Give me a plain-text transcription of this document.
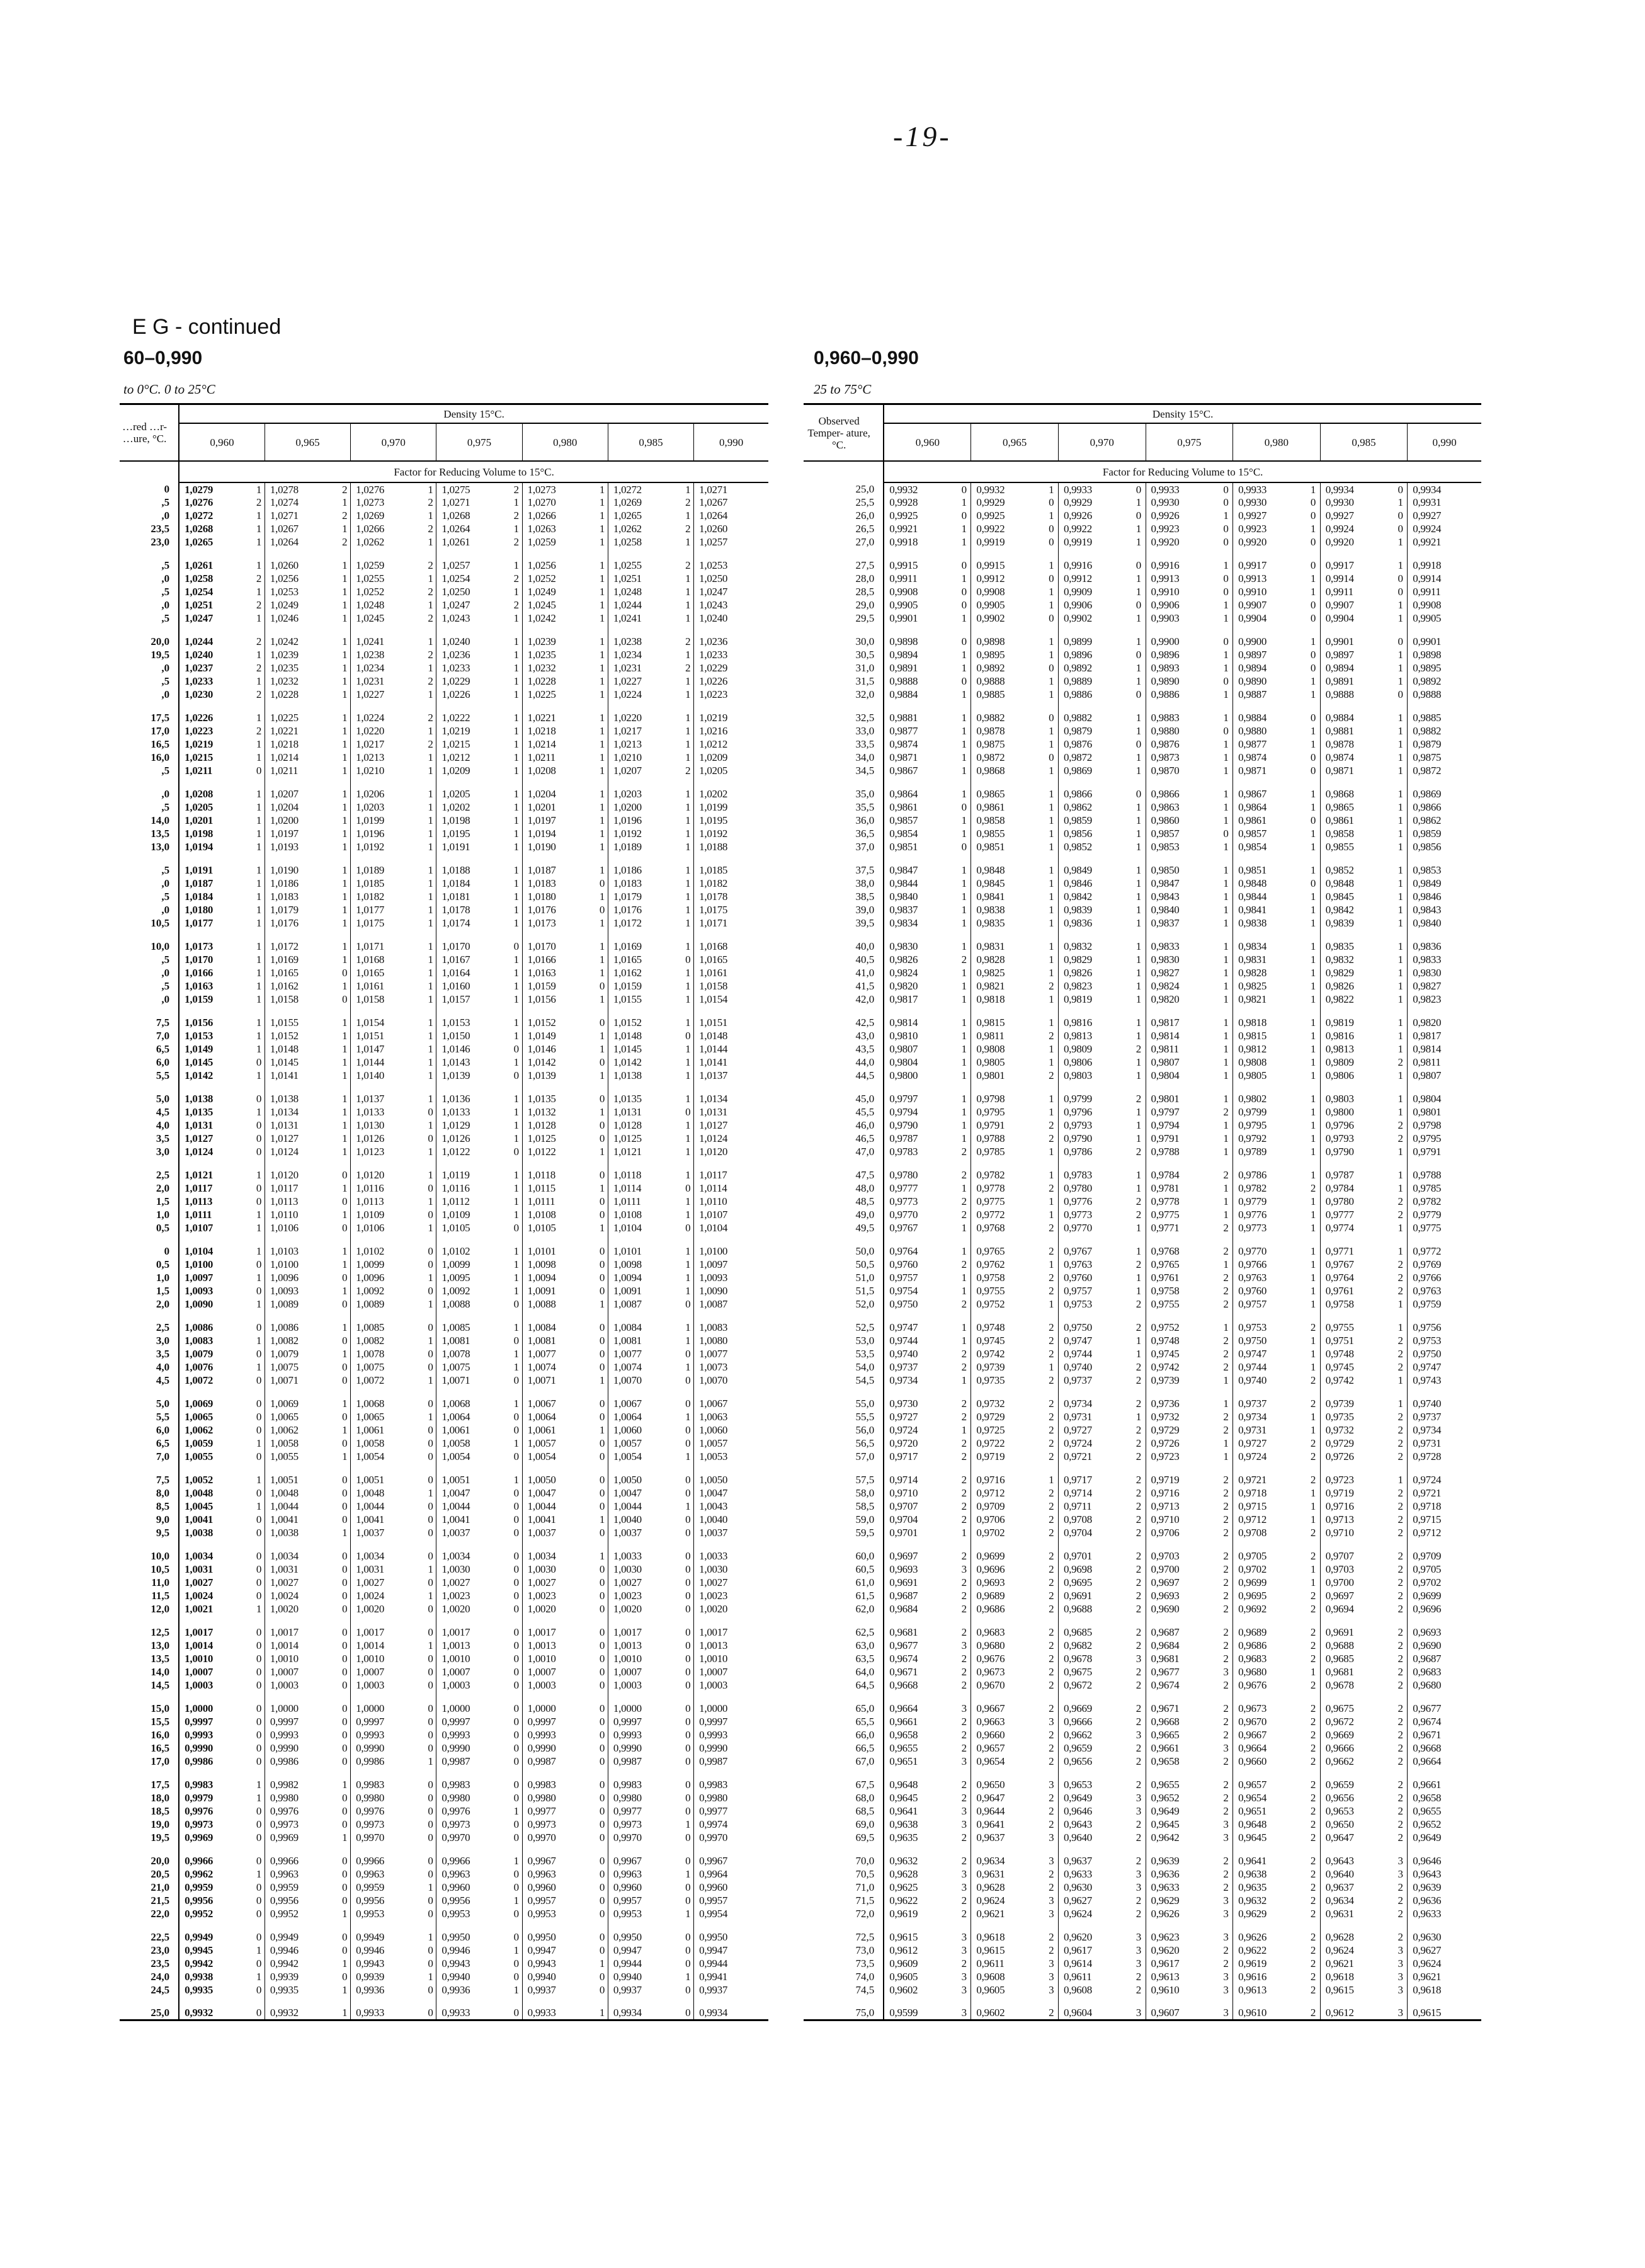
-19-
E G - continued
60–0,990
to 0°C. 0 to 25°C
0,960–0,990
25 to 75°C
…red …r- …ure, °C.	Density 15°C.												
	0,960		0,965		0,970		0,975		0,980		0,985		0,990
	Factor for Reducing Volume to 15°C.												
0	1,0279	1	1,0278	2	1,0276	1	1,0275	2	1,0273	1	1,0272	1	1,0271
,5	1,0276	2	1,0274	1	1,0273	2	1,0271	1	1,0270	1	1,0269	2	1,0267
,0	1,0272	1	1,0271	2	1,0269	1	1,0268	2	1,0266	1	1,0265	1	1,0264
23,5	1,0268	1	1,0267	1	1,0266	2	1,0264	1	1,0263	1	1,0262	2	1,0260
23,0	1,0265	1	1,0264	2	1,0262	1	1,0261	2	1,0259	1	1,0258	1	1,0257

,5	1,0261	1	1,0260	1	1,0259	2	1,0257	1	1,0256	1	1,0255	2	1,0253
,0	1,0258	2	1,0256	1	1,0255	1	1,0254	2	1,0252	1	1,0251	1	1,0250
,5	1,0254	1	1,0253	1	1,0252	2	1,0250	1	1,0249	1	1,0248	1	1,0247
,0	1,0251	2	1,0249	1	1,0248	1	1,0247	2	1,0245	1	1,0244	1	1,0243
,5	1,0247	1	1,0246	1	1,0245	2	1,0243	1	1,0242	1	1,0241	1	1,0240

20,0	1,0244	2	1,0242	1	1,0241	1	1,0240	1	1,0239	1	1,0238	2	1,0236
19,5	1,0240	1	1,0239	1	1,0238	2	1,0236	1	1,0235	1	1,0234	1	1,0233
,0	1,0237	2	1,0235	1	1,0234	1	1,0233	1	1,0232	1	1,0231	2	1,0229
,5	1,0233	1	1,0232	1	1,0231	2	1,0229	1	1,0228	1	1,0227	1	1,0226
,0	1,0230	2	1,0228	1	1,0227	1	1,0226	1	1,0225	1	1,0224	1	1,0223

17,5	1,0226	1	1,0225	1	1,0224	2	1,0222	1	1,0221	1	1,0220	1	1,0219
17,0	1,0223	2	1,0221	1	1,0220	1	1,0219	1	1,0218	1	1,0217	1	1,0216
16,5	1,0219	1	1,0218	1	1,0217	2	1,0215	1	1,0214	1	1,0213	1	1,0212
16,0	1,0215	1	1,0214	1	1,0213	1	1,0212	1	1,0211	1	1,0210	1	1,0209
,5	1,0211	0	1,0211	1	1,0210	1	1,0209	1	1,0208	1	1,0207	2	1,0205

,0	1,0208	1	1,0207	1	1,0206	1	1,0205	1	1,0204	1	1,0203	1	1,0202
,5	1,0205	1	1,0204	1	1,0203	1	1,0202	1	1,0201	1	1,0200	1	1,0199
14,0	1,0201	1	1,0200	1	1,0199	1	1,0198	1	1,0197	1	1,0196	1	1,0195
13,5	1,0198	1	1,0197	1	1,0196	1	1,0195	1	1,0194	1	1,0192	1	1,0192
13,0	1,0194	1	1,0193	1	1,0192	1	1,0191	1	1,0190	1	1,0189	1	1,0188

,5	1,0191	1	1,0190	1	1,0189	1	1,0188	1	1,0187	1	1,0186	1	1,0185
,0	1,0187	1	1,0186	1	1,0185	1	1,0184	1	1,0183	0	1,0183	1	1,0182
,5	1,0184	1	1,0183	1	1,0182	1	1,0181	1	1,0180	1	1,0179	1	1,0178
,0	1,0180	1	1,0179	1	1,0177	1	1,0178	1	1,0176	0	1,0176	1	1,0175
10,5	1,0177	1	1,0176	1	1,0175	1	1,0174	1	1,0173	1	1,0172	1	1,0171

10,0	1,0173	1	1,0172	1	1,0171	1	1,0170	0	1,0170	1	1,0169	1	1,0168
,5	1,0170	1	1,0169	1	1,0168	1	1,0167	1	1,0166	1	1,0165	0	1,0165
,0	1,0166	1	1,0165	0	1,0165	1	1,0164	1	1,0163	1	1,0162	1	1,0161
,5	1,0163	1	1,0162	1	1,0161	1	1,0160	1	1,0159	0	1,0159	1	1,0158
,0	1,0159	1	1,0158	0	1,0158	1	1,0157	1	1,0156	1	1,0155	1	1,0154

7,5	1,0156	1	1,0155	1	1,0154	1	1,0153	1	1,0152	0	1,0152	1	1,0151
7,0	1,0153	1	1,0152	1	1,0151	1	1,0150	1	1,0149	1	1,0148	0	1,0148
6,5	1,0149	1	1,0148	1	1,0147	1	1,0146	0	1,0146	1	1,0145	1	1,0144
6,0	1,0145	0	1,0145	1	1,0144	1	1,0143	1	1,0142	0	1,0142	1	1,0141
5,5	1,0142	1	1,0141	1	1,0140	1	1,0139	0	1,0139	1	1,0138	1	1,0137

5,0	1,0138	0	1,0138	1	1,0137	1	1,0136	1	1,0135	0	1,0135	1	1,0134
4,5	1,0135	1	1,0134	1	1,0133	0	1,0133	1	1,0132	1	1,0131	0	1,0131
4,0	1,0131	0	1,0131	1	1,0130	1	1,0129	1	1,0128	0	1,0128	1	1,0127
3,5	1,0127	0	1,0127	1	1,0126	0	1,0126	1	1,0125	0	1,0125	1	1,0124
3,0	1,0124	0	1,0124	1	1,0123	1	1,0122	0	1,0122	1	1,0121	1	1,0120

2,5	1,0121	1	1,0120	0	1,0120	1	1,0119	1	1,0118	0	1,0118	1	1,0117
2,0	1,0117	0	1,0117	1	1,0116	0	1,0116	1	1,0115	1	1,0114	0	1,0114
1,5	1,0113	0	1,0113	0	1,0113	1	1,0112	1	1,0111	0	1,0111	1	1,0110
1,0	1,0111	1	1,0110	1	1,0109	0	1,0109	1	1,0108	0	1,0108	1	1,0107
0,5	1,0107	1	1,0106	0	1,0106	1	1,0105	0	1,0105	1	1,0104	0	1,0104

0	1,0104	1	1,0103	1	1,0102	0	1,0102	1	1,0101	0	1,0101	1	1,0100
0,5	1,0100	0	1,0100	1	1,0099	0	1,0099	1	1,0098	0	1,0098	1	1,0097
1,0	1,0097	1	1,0096	0	1,0096	1	1,0095	1	1,0094	0	1,0094	1	1,0093
1,5	1,0093	0	1,0093	1	1,0092	0	1,0092	1	1,0091	0	1,0091	1	1,0090
2,0	1,0090	1	1,0089	0	1,0089	1	1,0088	0	1,0088	1	1,0087	0	1,0087

2,5	1,0086	0	1,0086	1	1,0085	0	1,0085	1	1,0084	0	1,0084	1	1,0083
3,0	1,0083	1	1,0082	0	1,0082	1	1,0081	0	1,0081	0	1,0081	1	1,0080
3,5	1,0079	0	1,0079	1	1,0078	0	1,0078	1	1,0077	0	1,0077	0	1,0077
4,0	1,0076	1	1,0075	0	1,0075	0	1,0075	1	1,0074	0	1,0074	1	1,0073
4,5	1,0072	0	1,0071	0	1,0072	1	1,0071	0	1,0071	1	1,0070	0	1,0070

5,0	1,0069	0	1,0069	1	1,0068	0	1,0068	1	1,0067	0	1,0067	0	1,0067
5,5	1,0065	0	1,0065	0	1,0065	1	1,0064	0	1,0064	0	1,0064	1	1,0063
6,0	1,0062	0	1,0062	1	1,0061	0	1,0061	0	1,0061	1	1,0060	0	1,0060
6,5	1,0059	1	1,0058	0	1,0058	0	1,0058	1	1,0057	0	1,0057	0	1,0057
7,0	1,0055	0	1,0055	1	1,0054	0	1,0054	0	1,0054	0	1,0054	1	1,0053

7,5	1,0052	1	1,0051	0	1,0051	0	1,0051	1	1,0050	0	1,0050	0	1,0050
8,0	1,0048	0	1,0048	0	1,0048	1	1,0047	0	1,0047	0	1,0047	0	1,0047
8,5	1,0045	1	1,0044	0	1,0044	0	1,0044	0	1,0044	0	1,0044	1	1,0043
9,0	1,0041	0	1,0041	0	1,0041	0	1,0041	0	1,0041	1	1,0040	0	1,0040
9,5	1,0038	0	1,0038	1	1,0037	0	1,0037	0	1,0037	0	1,0037	0	1,0037

10,0	1,0034	0	1,0034	0	1,0034	0	1,0034	0	1,0034	1	1,0033	0	1,0033
10,5	1,0031	0	1,0031	0	1,0031	1	1,0030	0	1,0030	0	1,0030	0	1,0030
11,0	1,0027	0	1,0027	0	1,0027	0	1,0027	0	1,0027	0	1,0027	0	1,0027
11,5	1,0024	0	1,0024	0	1,0024	1	1,0023	0	1,0023	0	1,0023	0	1,0023
12,0	1,0021	1	1,0020	0	1,0020	0	1,0020	0	1,0020	0	1,0020	0	1,0020

12,5	1,0017	0	1,0017	0	1,0017	0	1,0017	0	1,0017	0	1,0017	0	1,0017
13,0	1,0014	0	1,0014	0	1,0014	1	1,0013	0	1,0013	0	1,0013	0	1,0013
13,5	1,0010	0	1,0010	0	1,0010	0	1,0010	0	1,0010	0	1,0010	0	1,0010
14,0	1,0007	0	1,0007	0	1,0007	0	1,0007	0	1,0007	0	1,0007	0	1,0007
14,5	1,0003	0	1,0003	0	1,0003	0	1,0003	0	1,0003	0	1,0003	0	1,0003

15,0	1,0000	0	1,0000	0	1,0000	0	1,0000	0	1,0000	0	1,0000	0	1,0000
15,5	0,9997	0	0,9997	0	0,9997	0	0,9997	0	0,9997	0	0,9997	0	0,9997
16,0	0,9993	0	0,9993	0	0,9993	0	0,9993	0	0,9993	0	0,9993	0	0,9993
16,5	0,9990	0	0,9990	0	0,9990	0	0,9990	0	0,9990	0	0,9990	0	0,9990
17,0	0,9986	0	0,9986	0	0,9986	1	0,9987	0	0,9987	0	0,9987	0	0,9987

17,5	0,9983	1	0,9982	1	0,9983	0	0,9983	0	0,9983	0	0,9983	0	0,9983
18,0	0,9979	1	0,9980	0	0,9980	0	0,9980	0	0,9980	0	0,9980	0	0,9980
18,5	0,9976	0	0,9976	0	0,9976	0	0,9976	1	0,9977	0	0,9977	0	0,9977
19,0	0,9973	0	0,9973	0	0,9973	0	0,9973	0	0,9973	0	0,9973	1	0,9974
19,5	0,9969	0	0,9969	1	0,9970	0	0,9970	0	0,9970	0	0,9970	0	0,9970

20,0	0,9966	0	0,9966	0	0,9966	0	0,9966	1	0,9967	0	0,9967	0	0,9967
20,5	0,9962	1	0,9963	0	0,9963	0	0,9963	0	0,9963	0	0,9963	1	0,9964
21,0	0,9959	0	0,9959	0	0,9959	1	0,9960	0	0,9960	0	0,9960	0	0,9960
21,5	0,9956	0	0,9956	0	0,9956	0	0,9956	1	0,9957	0	0,9957	0	0,9957
22,0	0,9952	0	0,9952	1	0,9953	0	0,9953	0	0,9953	0	0,9953	1	0,9954

22,5	0,9949	0	0,9949	0	0,9949	1	0,9950	0	0,9950	0	0,9950	0	0,9950
23,0	0,9945	1	0,9946	0	0,9946	0	0,9946	1	0,9947	0	0,9947	0	0,9947
23,5	0,9942	0	0,9942	1	0,9943	0	0,9943	0	0,9943	1	0,9944	0	0,9944
24,0	0,9938	1	0,9939	0	0,9939	1	0,9940	0	0,9940	0	0,9940	1	0,9941
24,5	0,9935	0	0,9935	1	0,9936	0	0,9936	1	0,9937	0	0,9937	0	0,9937

25,0	0,9932	0	0,9932	1	0,9933	0	0,9933	0	0,9933	1	0,9934	0	0,9934
Observed Temper- ature, °C.	Density 15°C.												
	0,960		0,965		0,970		0,975		0,980		0,985		0,990
	Factor for Reducing Volume to 15°C.												
25,0	0,9932	0	0,9932	1	0,9933	0	0,9933	0	0,9933	1	0,9934	0	0,9934
25,5	0,9928	1	0,9929	0	0,9929	1	0,9930	0	0,9930	0	0,9930	1	0,9931
26,0	0,9925	0	0,9925	1	0,9926	0	0,9926	1	0,9927	0	0,9927	0	0,9927
26,5	0,9921	1	0,9922	0	0,9922	1	0,9923	0	0,9923	1	0,9924	0	0,9924
27,0	0,9918	1	0,9919	0	0,9919	1	0,9920	0	0,9920	0	0,9920	1	0,9921

27,5	0,9915	0	0,9915	1	0,9916	0	0,9916	1	0,9917	0	0,9917	1	0,9918
28,0	0,9911	1	0,9912	0	0,9912	1	0,9913	0	0,9913	1	0,9914	0	0,9914
28,5	0,9908	0	0,9908	1	0,9909	1	0,9910	0	0,9910	1	0,9911	0	0,9911
29,0	0,9905	0	0,9905	1	0,9906	0	0,9906	1	0,9907	0	0,9907	1	0,9908
29,5	0,9901	1	0,9902	0	0,9902	1	0,9903	1	0,9904	0	0,9904	1	0,9905

30,0	0,9898	0	0,9898	1	0,9899	1	0,9900	0	0,9900	1	0,9901	0	0,9901
30,5	0,9894	1	0,9895	1	0,9896	0	0,9896	1	0,9897	0	0,9897	1	0,9898
31,0	0,9891	1	0,9892	0	0,9892	1	0,9893	1	0,9894	0	0,9894	1	0,9895
31,5	0,9888	0	0,9888	1	0,9889	1	0,9890	0	0,9890	1	0,9891	1	0,9892
32,0	0,9884	1	0,9885	1	0,9886	0	0,9886	1	0,9887	1	0,9888	0	0,9888

32,5	0,9881	1	0,9882	0	0,9882	1	0,9883	1	0,9884	0	0,9884	1	0,9885
33,0	0,9877	1	0,9878	1	0,9879	1	0,9880	0	0,9880	1	0,9881	1	0,9882
33,5	0,9874	1	0,9875	1	0,9876	0	0,9876	1	0,9877	1	0,9878	1	0,9879
34,0	0,9871	1	0,9872	0	0,9872	1	0,9873	1	0,9874	0	0,9874	1	0,9875
34,5	0,9867	1	0,9868	1	0,9869	1	0,9870	1	0,9871	0	0,9871	1	0,9872

35,0	0,9864	1	0,9865	1	0,9866	0	0,9866	1	0,9867	1	0,9868	1	0,9869
35,5	0,9861	0	0,9861	1	0,9862	1	0,9863	1	0,9864	1	0,9865	1	0,9866
36,0	0,9857	1	0,9858	1	0,9859	1	0,9860	1	0,9861	0	0,9861	1	0,9862
36,5	0,9854	1	0,9855	1	0,9856	1	0,9857	0	0,9857	1	0,9858	1	0,9859
37,0	0,9851	0	0,9851	1	0,9852	1	0,9853	1	0,9854	1	0,9855	1	0,9856

37,5	0,9847	1	0,9848	1	0,9849	1	0,9850	1	0,9851	1	0,9852	1	0,9853
38,0	0,9844	1	0,9845	1	0,9846	1	0,9847	1	0,9848	0	0,9848	1	0,9849
38,5	0,9840	1	0,9841	1	0,9842	1	0,9843	1	0,9844	1	0,9845	1	0,9846
39,0	0,9837	1	0,9838	1	0,9839	1	0,9840	1	0,9841	1	0,9842	1	0,9843
39,5	0,9834	1	0,9835	1	0,9836	1	0,9837	1	0,9838	1	0,9839	1	0,9840

40,0	0,9830	1	0,9831	1	0,9832	1	0,9833	1	0,9834	1	0,9835	1	0,9836
40,5	0,9826	2	0,9828	1	0,9829	1	0,9830	1	0,9831	1	0,9832	1	0,9833
41,0	0,9824	1	0,9825	1	0,9826	1	0,9827	1	0,9828	1	0,9829	1	0,9830
41,5	0,9820	1	0,9821	2	0,9823	1	0,9824	1	0,9825	1	0,9826	1	0,9827
42,0	0,9817	1	0,9818	1	0,9819	1	0,9820	1	0,9821	1	0,9822	1	0,9823

42,5	0,9814	1	0,9815	1	0,9816	1	0,9817	1	0,9818	1	0,9819	1	0,9820
43,0	0,9810	1	0,9811	2	0,9813	1	0,9814	1	0,9815	1	0,9816	1	0,9817
43,5	0,9807	1	0,9808	1	0,9809	2	0,9811	1	0,9812	1	0,9813	1	0,9814
44,0	0,9804	1	0,9805	1	0,9806	1	0,9807	1	0,9808	1	0,9809	2	0,9811
44,5	0,9800	1	0,9801	2	0,9803	1	0,9804	1	0,9805	1	0,9806	1	0,9807

45,0	0,9797	1	0,9798	1	0,9799	2	0,9801	1	0,9802	1	0,9803	1	0,9804
45,5	0,9794	1	0,9795	1	0,9796	1	0,9797	2	0,9799	1	0,9800	1	0,9801
46,0	0,9790	1	0,9791	2	0,9793	1	0,9794	1	0,9795	1	0,9796	2	0,9798
46,5	0,9787	1	0,9788	2	0,9790	1	0,9791	1	0,9792	1	0,9793	2	0,9795
47,0	0,9783	2	0,9785	1	0,9786	2	0,9788	1	0,9789	1	0,9790	1	0,9791

47,5	0,9780	2	0,9782	1	0,9783	1	0,9784	2	0,9786	1	0,9787	1	0,9788
48,0	0,9777	1	0,9778	2	0,9780	1	0,9781	1	0,9782	2	0,9784	1	0,9785
48,5	0,9773	2	0,9775	1	0,9776	2	0,9778	1	0,9779	1	0,9780	2	0,9782
49,0	0,9770	2	0,9772	1	0,9773	2	0,9775	1	0,9776	1	0,9777	2	0,9779
49,5	0,9767	1	0,9768	2	0,9770	1	0,9771	2	0,9773	1	0,9774	1	0,9775

50,0	0,9764	1	0,9765	2	0,9767	1	0,9768	2	0,9770	1	0,9771	1	0,9772
50,5	0,9760	2	0,9762	1	0,9763	2	0,9765	1	0,9766	1	0,9767	2	0,9769
51,0	0,9757	1	0,9758	2	0,9760	1	0,9761	2	0,9763	1	0,9764	2	0,9766
51,5	0,9754	1	0,9755	2	0,9757	1	0,9758	2	0,9760	1	0,9761	2	0,9763
52,0	0,9750	2	0,9752	1	0,9753	2	0,9755	2	0,9757	1	0,9758	1	0,9759

52,5	0,9747	1	0,9748	2	0,9750	2	0,9752	1	0,9753	2	0,9755	1	0,9756
53,0	0,9744	1	0,9745	2	0,9747	1	0,9748	2	0,9750	1	0,9751	2	0,9753
53,5	0,9740	2	0,9742	2	0,9744	1	0,9745	2	0,9747	1	0,9748	2	0,9750
54,0	0,9737	2	0,9739	1	0,9740	2	0,9742	2	0,9744	1	0,9745	2	0,9747
54,5	0,9734	1	0,9735	2	0,9737	2	0,9739	1	0,9740	2	0,9742	1	0,9743

55,0	0,9730	2	0,9732	2	0,9734	2	0,9736	1	0,9737	2	0,9739	1	0,9740
55,5	0,9727	2	0,9729	2	0,9731	1	0,9732	2	0,9734	1	0,9735	2	0,9737
56,0	0,9724	1	0,9725	2	0,9727	2	0,9729	2	0,9731	1	0,9732	2	0,9734
56,5	0,9720	2	0,9722	2	0,9724	2	0,9726	1	0,9727	2	0,9729	2	0,9731
57,0	0,9717	2	0,9719	2	0,9721	2	0,9723	1	0,9724	2	0,9726	2	0,9728

57,5	0,9714	2	0,9716	1	0,9717	2	0,9719	2	0,9721	2	0,9723	1	0,9724
58,0	0,9710	2	0,9712	2	0,9714	2	0,9716	2	0,9718	1	0,9719	2	0,9721
58,5	0,9707	2	0,9709	2	0,9711	2	0,9713	2	0,9715	1	0,9716	2	0,9718
59,0	0,9704	2	0,9706	2	0,9708	2	0,9710	2	0,9712	1	0,9713	2	0,9715
59,5	0,9701	1	0,9702	2	0,9704	2	0,9706	2	0,9708	2	0,9710	2	0,9712

60,0	0,9697	2	0,9699	2	0,9701	2	0,9703	2	0,9705	2	0,9707	2	0,9709
60,5	0,9693	3	0,9696	2	0,9698	2	0,9700	2	0,9702	1	0,9703	2	0,9705
61,0	0,9691	2	0,9693	2	0,9695	2	0,9697	2	0,9699	1	0,9700	2	0,9702
61,5	0,9687	2	0,9689	2	0,9691	2	0,9693	2	0,9695	2	0,9697	2	0,9699
62,0	0,9684	2	0,9686	2	0,9688	2	0,9690	2	0,9692	2	0,9694	2	0,9696

62,5	0,9681	2	0,9683	2	0,9685	2	0,9687	2	0,9689	2	0,9691	2	0,9693
63,0	0,9677	3	0,9680	2	0,9682	2	0,9684	2	0,9686	2	0,9688	2	0,9690
63,5	0,9674	2	0,9676	2	0,9678	3	0,9681	2	0,9683	2	0,9685	2	0,9687
64,0	0,9671	2	0,9673	2	0,9675	2	0,9677	3	0,9680	1	0,9681	2	0,9683
64,5	0,9668	2	0,9670	2	0,9672	2	0,9674	2	0,9676	2	0,9678	2	0,9680

65,0	0,9664	3	0,9667	2	0,9669	2	0,9671	2	0,9673	2	0,9675	2	0,9677
65,5	0,9661	2	0,9663	3	0,9666	2	0,9668	2	0,9670	2	0,9672	2	0,9674
66,0	0,9658	2	0,9660	2	0,9662	3	0,9665	2	0,9667	2	0,9669	2	0,9671
66,5	0,9655	2	0,9657	2	0,9659	2	0,9661	3	0,9664	2	0,9666	2	0,9668
67,0	0,9651	3	0,9654	2	0,9656	2	0,9658	2	0,9660	2	0,9662	2	0,9664

67,5	0,9648	2	0,9650	3	0,9653	2	0,9655	2	0,9657	2	0,9659	2	0,9661
68,0	0,9645	2	0,9647	2	0,9649	3	0,9652	2	0,9654	2	0,9656	2	0,9658
68,5	0,9641	3	0,9644	2	0,9646	3	0,9649	2	0,9651	2	0,9653	2	0,9655
69,0	0,9638	3	0,9641	2	0,9643	2	0,9645	3	0,9648	2	0,9650	2	0,9652
69,5	0,9635	2	0,9637	3	0,9640	2	0,9642	3	0,9645	2	0,9647	2	0,9649

70,0	0,9632	2	0,9634	3	0,9637	2	0,9639	2	0,9641	2	0,9643	3	0,9646
70,5	0,9628	3	0,9631	2	0,9633	3	0,9636	2	0,9638	2	0,9640	3	0,9643
71,0	0,9625	3	0,9628	2	0,9630	3	0,9633	2	0,9635	2	0,9637	2	0,9639
71,5	0,9622	2	0,9624	3	0,9627	2	0,9629	3	0,9632	2	0,9634	2	0,9636
72,0	0,9619	2	0,9621	3	0,9624	2	0,9626	3	0,9629	2	0,9631	2	0,9633

72,5	0,9615	3	0,9618	2	0,9620	3	0,9623	3	0,9626	2	0,9628	2	0,9630
73,0	0,9612	3	0,9615	2	0,9617	3	0,9620	2	0,9622	2	0,9624	3	0,9627
73,5	0,9609	2	0,9611	3	0,9614	3	0,9617	2	0,9619	2	0,9621	3	0,9624
74,0	0,9605	3	0,9608	3	0,9611	2	0,9613	3	0,9616	2	0,9618	3	0,9621
74,5	0,9602	3	0,9605	3	0,9608	2	0,9610	3	0,9613	2	0,9615	3	0,9618

75,0	0,9599	3	0,9602	2	0,9604	3	0,9607	3	0,9610	2	0,9612	3	0,9615
